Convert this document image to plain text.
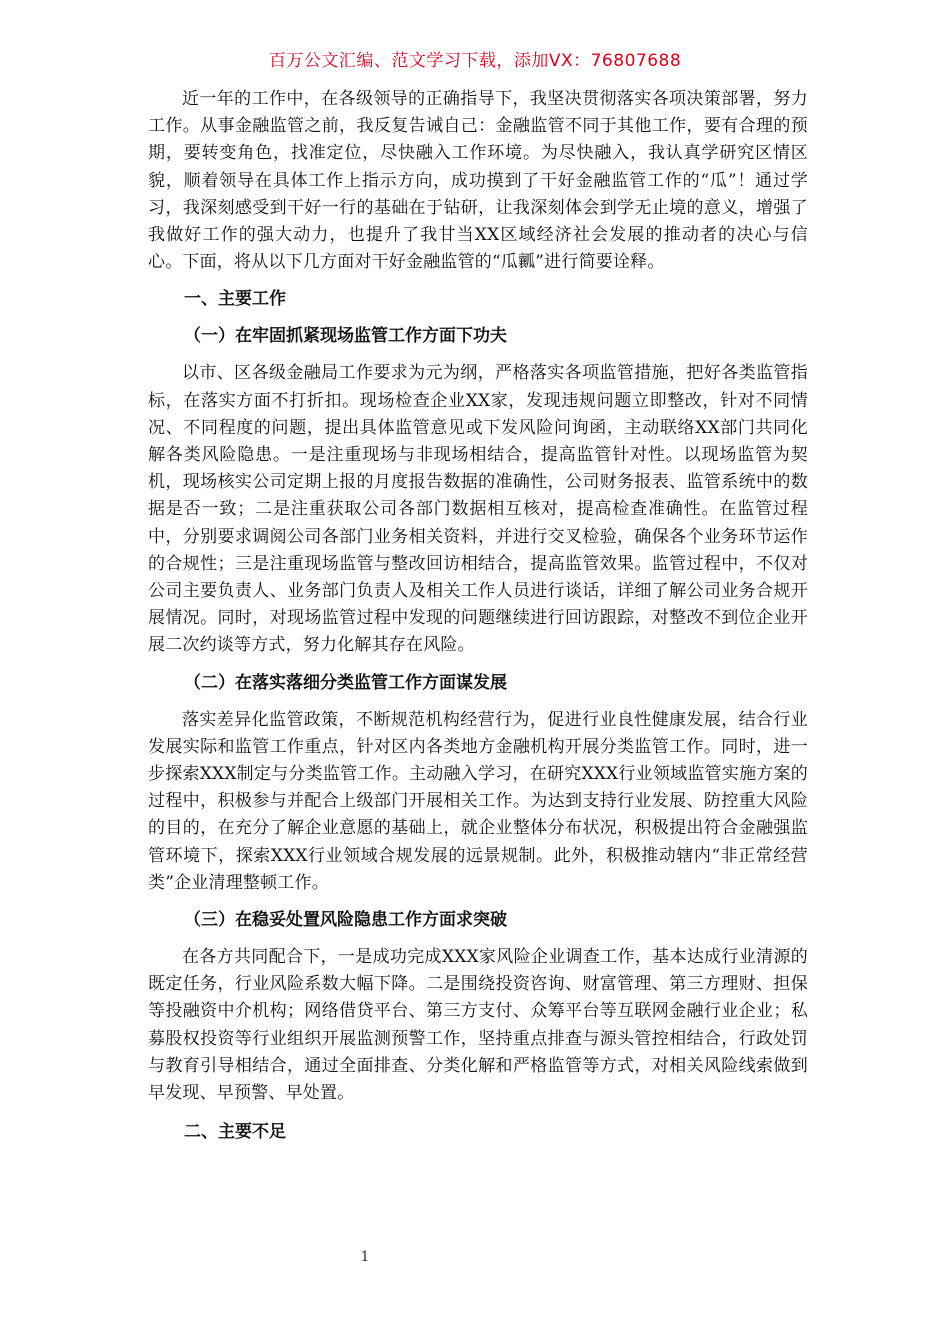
百万公文汇编、范文学习下载，添加VX：76807688

近一年的工作中，在各级领导的正确指导下，我坚决贯彻落实各项决策部署，努力工作。从事金融监管之前，我反复告诫自己：金融监管不同于其他工作，要有合理的预期，要转变角色，找准定位，尽快融入工作环境。为尽快融入，我认真学研究区情区貌，顺着领导在具体工作上指示方向，成功摸到了干好金融监管工作的“瓜”！通过学习，我深刻感受到干好一行的基础在于钻研，让我深刻体会到学无止境的意义，增强了我做好工作的强大动力，也提升了我甘当XX区域经济社会发展的推动者的决心与信心。下面，将从以下几方面对干好金融监管的“瓜瓤”进行简要诠释。

一、主要工作

（一）在牢固抓紧现场监管工作方面下功夫

以市、区各级金融局工作要求为元为纲，严格落实各项监管措施，把好各类监管指标，在落实方面不打折扣。现场检查企业XX家，发现违规问题立即整改，针对不同情况、不同程度的问题，提出具体监管意见或下发风险问询函，主动联络XX部门共同化解各类风险隐患。一是注重现场与非现场相结合，提高监管针对性。以现场监管为契机，现场核实公司定期上报的月度报告数据的准确性，公司财务报表、监管系统中的数据是否一致；二是注重获取公司各部门数据相互核对，提高检查准确性。在监管过程中，分别要求调阅公司各部门业务相关资料，并进行交叉检验，确保各个业务环节运作的合规性；三是注重现场监管与整改回访相结合，提高监管效果。监管过程中，不仅对公司主要负责人、业务部门负责人及相关工作人员进行谈话，详细了解公司业务合规开展情况。同时，对现场监管过程中发现的问题继续进行回访跟踪，对整改不到位企业开展二次约谈等方式，努力化解其存在风险。

（二）在落实落细分类监管工作方面谋发展

落实差异化监管政策，不断规范机构经营行为，促进行业良性健康发展，结合行业发展实际和监管工作重点，针对区内各类地方金融机构开展分类监管工作。同时，进一步探索XXX制定与分类监管工作。主动融入学习，在研究XXX行业领域监管实施方案的过程中，积极参与并配合上级部门开展相关工作。为达到支持行业发展、防控重大风险的目的，在充分了解企业意愿的基础上，就企业整体分布状况，积极提出符合金融强监管环境下，探索XXX行业领域合规发展的远景规制。此外，积极推动辖内“非正常经营类”企业清理整顿工作。

（三）在稳妥处置风险隐患工作方面求突破

在各方共同配合下，一是成功完成XXX家风险企业调查工作，基本达成行业清源的既定任务，行业风险系数大幅下降。二是围绕投资咨询、财富管理、第三方理财、担保等投融资中介机构；网络借贷平台、第三方支付、众筹平台等互联网金融行业企业；私募股权投资等行业组织开展监测预警工作，坚持重点排查与源头管控相结合，行政处罚与教育引导相结合，通过全面排查、分类化解和严格监管等方式，对相关风险线索做到早发现、早预警、早处置。

二、主要不足

1
